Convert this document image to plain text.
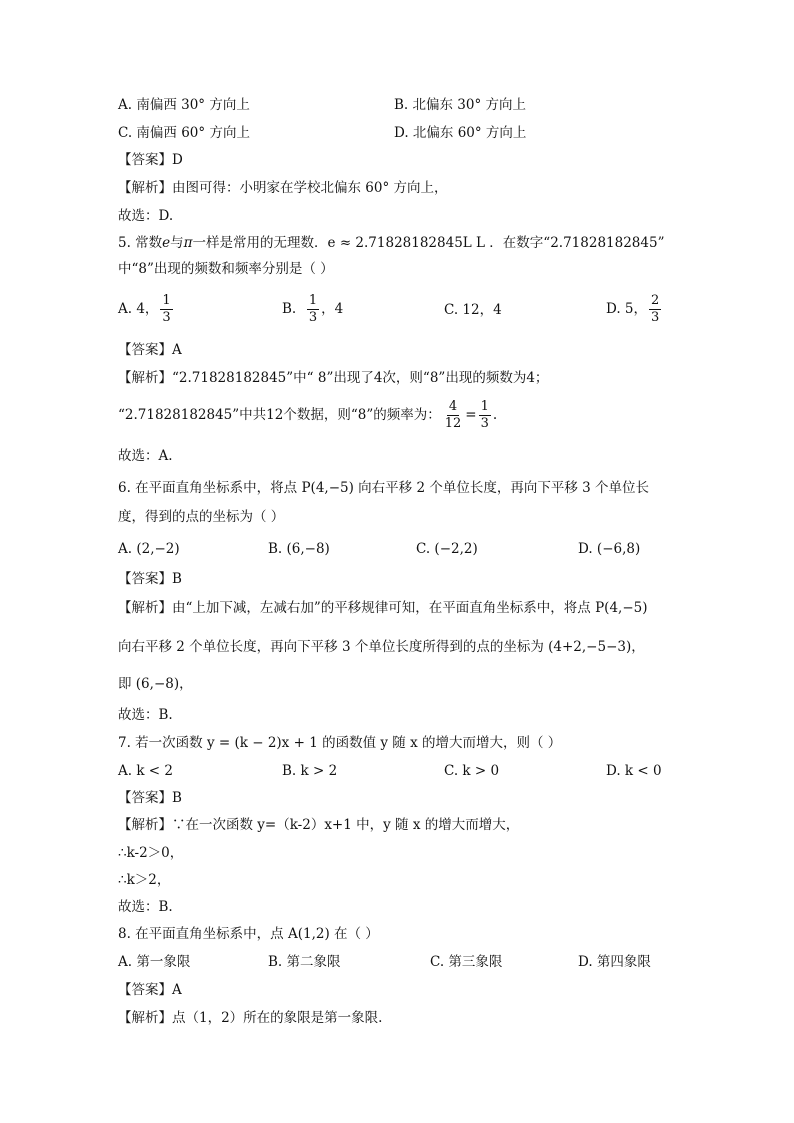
A. 南偏西 30° 方向上	B. 北偏东 30° 方向上
C. 南偏西 60° 方向上	D. 北偏东 60° 方向上
【答案】D
【解析】由图可得：小明家在学校北偏东 60° 方向上，
故选：D.
5. 常数e与π一样是常用的无理数．e ≈ 2.71828182845L L ．在数字“2.71828182845”
中“8”出现的频数和频率分别是（ ）
A. 4， $\frac{1}{3}$	B. $\frac{1}{3}$ ，4	C. 12，4	D. 5， $\frac{2}{3}$
【答案】A
【解析】“2.71828182845”中“ 8”出现了4次，则“8”出现的频数为4；
“2.71828182845”中共12个数据，则“8”的频率为： $\frac{4}{12} = \frac{1}{3}$ .
故选：A.
6. 在平面直角坐标系中，将点 P(4,−5) 向右平移 2 个单位长度，再向下平移 3 个单位长
度，得到的点的坐标为（ ）
A. (2,−2)	B. (6,−8)	C. (−2,2)	D. (−6,8)
【答案】B
【解析】由“上加下减，左减右加”的平移规律可知，在平面直角坐标系中，将点 P(4,−5)
向右平移 2 个单位长度，再向下平移 3 个单位长度所得到的点的坐标为 (4+2,−5−3)，
即 (6,−8)，
故选：B.
7. 若一次函数 y = (k − 2)x + 1 的函数值 y 随 x 的增大而增大，则（ ）
A. k < 2	B. k > 2	C. k > 0	D. k < 0
【答案】B
【解析】∵在一次函数 y=（k-2）x+1 中，y 随 x 的增大而增大，
∴k-2＞0，
∴k＞2，
故选：B.
8. 在平面直角坐标系中，点 A(1,2) 在（ ）
A. 第一象限	B. 第二象限	C. 第三象限	D. 第四象限
【答案】A
【解析】点（1，2）所在的象限是第一象限.
